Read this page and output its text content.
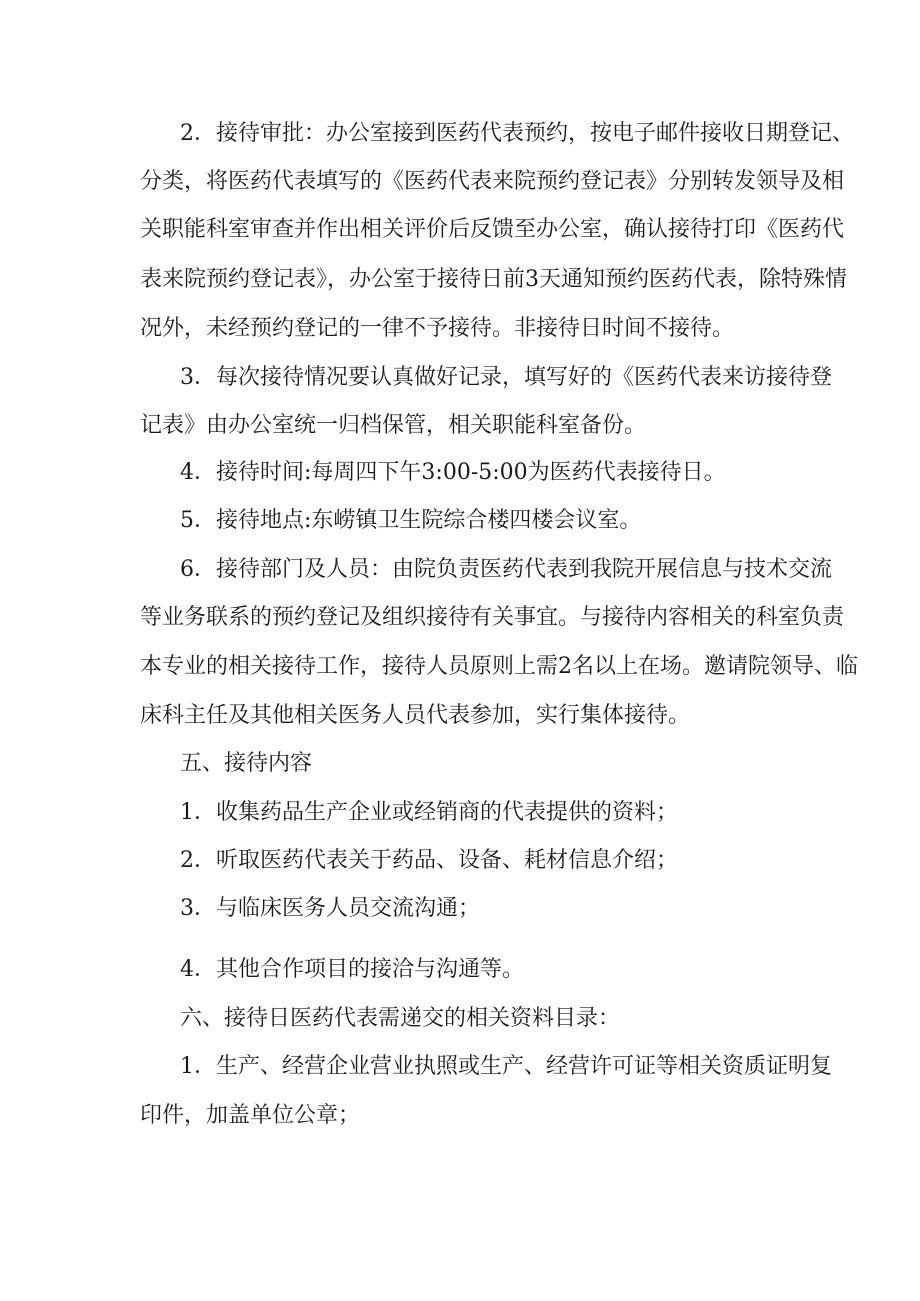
2．接待审批：办公室接到医药代表预约，按电子邮件接收日期登记、
分类，将医药代表填写的《医药代表来院预约登记表》分别转发领导及相
关职能科室审查并作出相关评价后反馈至办公室，确认接待打印《医药代
表来院预约登记表》，办公室于接待日前3天通知预约医药代表，除特殊情
况外，未经预约登记的一律不予接待。非接待日时间不接待。
3．每次接待情况要认真做好记录，填写好的《医药代表来访接待登
记表》由办公室统一归档保管，相关职能科室备份。
4．接待时间:每周四下午3:00-5:00为医药代表接待日。
5．接待地点:东崂镇卫生院综合楼四楼会议室。
6．接待部门及人员：由院负责医药代表到我院开展信息与技术交流
等业务联系的预约登记及组织接待有关事宜。与接待内容相关的科室负责
本专业的相关接待工作，接待人员原则上需2名以上在场。邀请院领导、临
床科主任及其他相关医务人员代表参加，实行集体接待。
五、接待内容
1．收集药品生产企业或经销商的代表提供的资料；
2．听取医药代表关于药品、设备、耗材信息介绍；
3．与临床医务人员交流沟通；
4．其他合作项目的接洽与沟通等。
六、接待日医药代表需递交的相关资料目录：
1．生产、经营企业营业执照或生产、经营许可证等相关资质证明复
印件，加盖单位公章；
